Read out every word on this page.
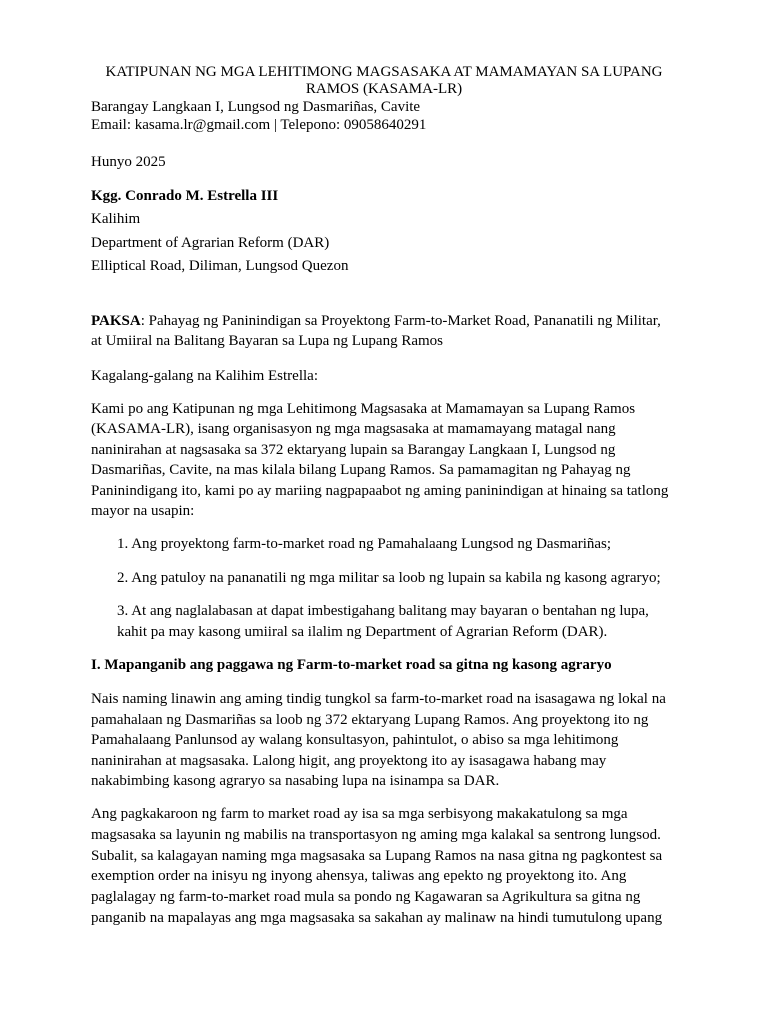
KATIPUNAN NG MGA LEHITIMONG MAGSASAKA AT MAMAMAYAN SA LUPANG
RAMOS (KASAMA-LR)
Barangay Langkaan I, Lungsod ng Dasmariñas, Cavite
Email: kasama.lr@gmail.com | Telepono: 09058640291
Hunyo 2025
Kgg. Conrado M. Estrella III
Kalihim
Department of Agrarian Reform (DAR)
Elliptical Road, Diliman, Lungsod Quezon
PAKSA: Pahayag ng Paninindigan sa Proyektong Farm-to-Market Road, Pananatili ng Militar,
at Umiiral na Balitang Bayaran sa Lupa ng Lupang Ramos
Kagalang-galang na Kalihim Estrella:
Kami po ang Katipunan ng mga Lehitimong Magsasaka at Mamamayan sa Lupang Ramos
(KASAMA-LR), isang organisasyon ng mga magsasaka at mamamayang matagal nang
naninirahan at nagsasaka sa 372 ektaryang lupain sa Barangay Langkaan I, Lungsod ng
Dasmariñas, Cavite, na mas kilala bilang Lupang Ramos. Sa pamamagitan ng Pahayag ng
Paninindigang ito, kami po ay mariing nagpapaabot ng aming paninindigan at hinaing sa tatlong
mayor na usapin:
1. Ang proyektong farm-to-market road ng Pamahalaang Lungsod ng Dasmariñas;
2. Ang patuloy na pananatili ng mga militar sa loob ng lupain sa kabila ng kasong agraryo;
3. At ang naglalabasan at dapat imbestigahang balitang may bayaran o bentahan ng lupa,
kahit pa may kasong umiiral sa ilalim ng Department of Agrarian Reform (DAR).
I. Mapanganib ang paggawa ng Farm-to-market road sa gitna ng kasong agraryo
Nais naming linawin ang aming tindig tungkol sa farm-to-market road na isasagawa ng lokal na
pamahalaan ng Dasmariñas sa loob ng 372 ektaryang Lupang Ramos. Ang proyektong ito ng
Pamahalaang Panlunsod ay walang konsultasyon, pahintulot, o abiso sa mga lehitimong
naninirahan at magsasaka. Lalong higit, ang proyektong ito ay isasagawa habang may
nakabimbing kasong agraryo sa nasabing lupa na isinampa sa DAR.
Ang pagkakaroon ng farm to market road ay isa sa mga serbisyong makakatulong sa mga
magsasaka sa layunin ng mabilis na transportasyon ng aming mga kalakal sa sentrong lungsod.
Subalit, sa kalagayan naming mga magsasaka sa Lupang Ramos na nasa gitna ng pagkontest sa
exemption order na inisyu ng inyong ahensya, taliwas ang epekto ng proyektong ito. Ang
paglalagay ng farm-to-market road mula sa pondo ng Kagawaran sa Agrikultura sa gitna ng
panganib na mapalayas ang mga magsasaka sa sakahan ay malinaw na hindi tumutulong upang
